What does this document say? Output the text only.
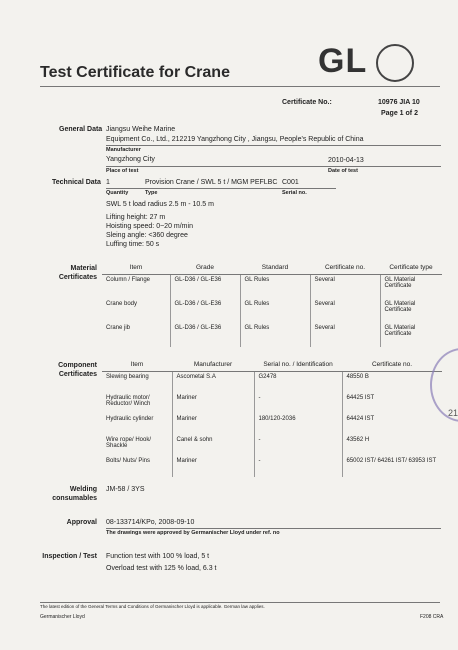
Test Certificate for Crane	GL
Certificate No.:	10976 JIA 10
Page 1 of 2
General Data Jiangsu Weihe Marine
Equipment Co., Ltd., 212219 Yangzhong City , Jiangsu, People's Republic of China
Manufacturer
Yangzhong City	2010-04-13
Place of test	Date of test
Technical Data 1	Provision Crane / SWL 5 t / MGM PEFLBC C001
Quantity	Type	Serial no.
SWL 5 t load radius 2.5 m - 10.5 m
Lifting height: 27 m
Hoisting speed: 0~20 m/min
Sleing angle: <360 degree
Luffing time: 50 s
Material
Certificates
Item	Grade	Standard	Certificate no.	Certificate type
Column / Flange	GL-D36 / GL-E36	GL Rules	Several	GL Material Certificate
Crane body	GL-D36 / GL-E36	GL Rules	Several	GL Material Certificate
Crane jib	GL-D36 / GL-E36	GL Rules	Several	GL Material Certificate
Component
Certificates
Item	Manufacturer	Serial no. / Identification	Certificate no.
Slewing bearing	Ascometal S.A	G2478	48550 B
Hydraulic motor/ Reductor/ Winch	Mariner	-	64425 IST
Hydraulic cylinder	Mariner	180/120-2036	64424 IST
Wire rope/ Hook/ Shackle	Canel & sohn	-	43562 H
Bolts/ Nuts/ Pins	Mariner	-	65002 IST/ 64261 IST/ 63953 IST
Welding
consumables
JM-58 / 3YS
Approval 08-133714/KPo, 2008-09-10
The drawings were approved by Germanischer Lloyd under ref. no
Inspection / Test Function test with 100 % load, 5 t
Overload test with 125 % load, 6.3 t
The latest edition of the General Terms and Conditions of Germanischer Lloyd is applicable. German law applies.
Germanischer Lloyd	F208 CRA
21
